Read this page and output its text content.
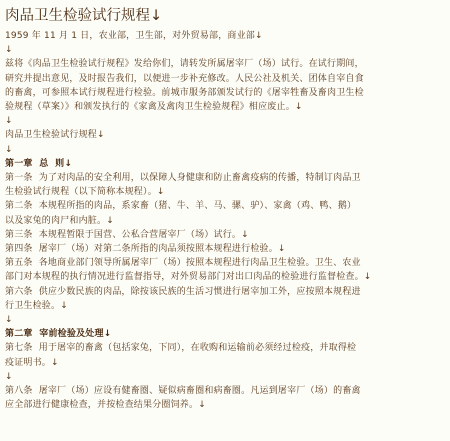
肉品卫生检验试行规程↓
1959 年 11 月 1 日，农业部，卫生部，对外贸易部，商业部↓
↓
兹将《肉品卫生检验试行规程》发给你们，请转发所属屠宰厂（场）试行。在试行期间，
研究并提出意见，及时报告我们，以便进一步补充修改。人民公社及机关、团体自宰自食
的畜禽，可参照本试行规程进行检验。前城市服务部颁发试行的《屠宰牲畜及畜肉卫生检
验规程（草案）》和颁发执行的《家禽及禽肉卫生检验规程》相应废止。↓
↓
肉品卫生检验试行规程↓
↓
第一章  总  则↓
第一条  为了对肉品的安全利用，以保障人身健康和防止畜禽疫病的传播，特制订肉品卫
生检验试行规程（以下简称本规程）。↓
第二条  本规程所指的肉品，系家畜（猪、牛、羊、马、骡、驴）、家禽（鸡、鸭、鹅）
以及家兔的肉尸和内脏。↓
第三条  本规程暂限于国营、公私合营屠宰厂（场）试行。↓
第四条  屠宰厂（场）对第二条所指的肉品须按照本规程进行检验。↓
第五条  各地商业部门领导所属屠宰厂（场）按照本规程进行肉品卫生检验。卫生、农业
部门对本规程的执行情况进行监督指导，对外贸易部门对出口肉品的检验进行监督检查。↓
第六条  供应少数民族的肉品，除按该民族的生活习惯进行屠宰加工外，应按照本规程进
行卫生检验。↓
↓
第二章  宰前检验及处理↓
第七条  用于屠宰的畜禽（包括家兔，下同），在收购和运输前必须经过检疫，并取得检
疫证明书。↓
↓
第八条  屠宰厂（场）应设有健畜圈、疑似病畜圈和病畜圈。凡运到屠宰厂（场）的畜禽
应全部进行健康检查，并按检查结果分圈饲养。↓
